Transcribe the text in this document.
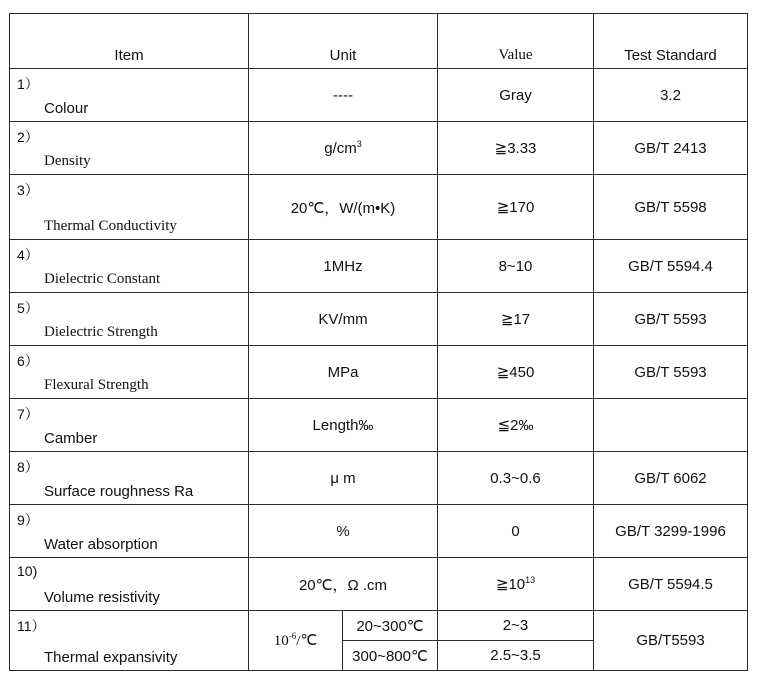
Item	Unit		Value	Test Standard

1）
Colour	----		Gray	3.2

2）
Density	$g/cm^3$		≧3.33	GB/T 2413

3）
Thermal Conductivity	20℃，W/(m•K)		≧170	GB/T 5598

4）
Dielectric Constant	1MHz		8~10	GB/T 5594.4

5）
Dielectric Strength	KV/mm		≧17	GB/T 5593

6）
Flexural Strength	MPa		≧450	GB/T 5593

7）
Camber	Length‰		≦2‰	

8）
Surface roughness Ra	μ m		0.3~0.6	GB/T 6062

9）
Water absorption	%		0	GB/T 3299-1996

10)
Volume resistivity	20℃，Ω .cm		$≧10^{13}$	GB/T 5594.5

11）
Thermal expansivity	$10^{-6}/℃$	20~300℃	2~3	GB/T5593
		300~800℃	2.5~3.5	
